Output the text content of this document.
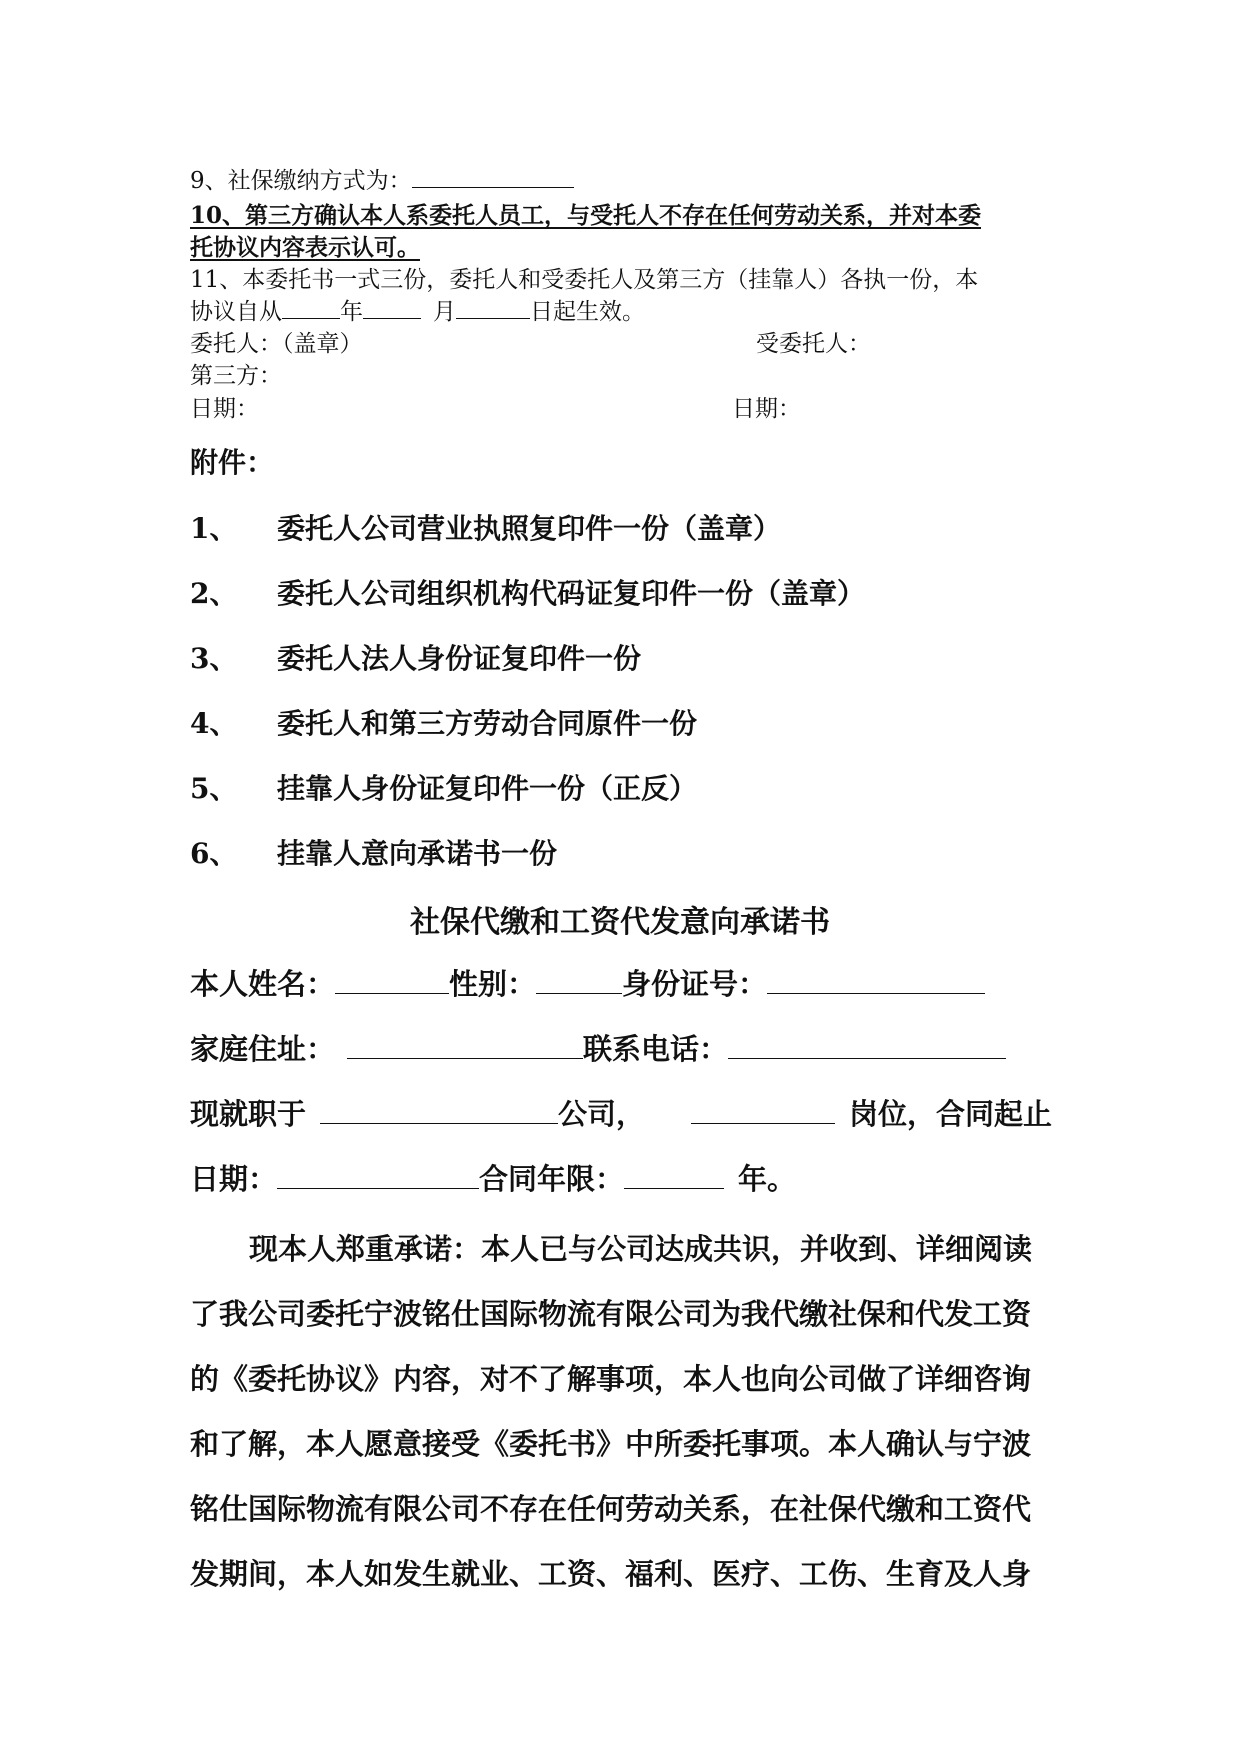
9、社保缴纳方式为：
10、第三方确认本人系委托人员工，与受托人不存在任何劳动关系，并对本委
托协议内容表示认可。
11、本委托书一式三份，委托人和受委托人及第三方（挂靠人）各执一份，本
协议自从	年	月	日起生效。
委托人：（盖章）	受委托人：
第三方：
日期：	日期：
附件：
1、 委托人公司营业执照复印件一份（盖章）
2、 委托人公司组织机构代码证复印件一份（盖章）
3、 委托人法人身份证复印件一份
4、 委托人和第三方劳动合同原件一份
5、 挂靠人身份证复印件一份（正反）
6、 挂靠人意向承诺书一份
社保代缴和工资代发意向承诺书
本人姓名：	性别：	身份证号：
家庭住址：	联系电话：
现就职于	公司，	岗位，合同起止
日期：	合同年限：	年。
现本人郑重承诺：本人已与公司达成共识，并收到、详细阅读
了我公司委托宁波铭仕国际物流有限公司为我代缴社保和代发工资
的《委托协议》内容，对不了解事项，本人也向公司做了详细咨询
和了解，本人愿意接受《委托书》中所委托事项。本人确认与宁波
铭仕国际物流有限公司不存在任何劳动关系，在社保代缴和工资代
发期间，本人如发生就业、工资、福利、医疗、工伤、生育及人身
